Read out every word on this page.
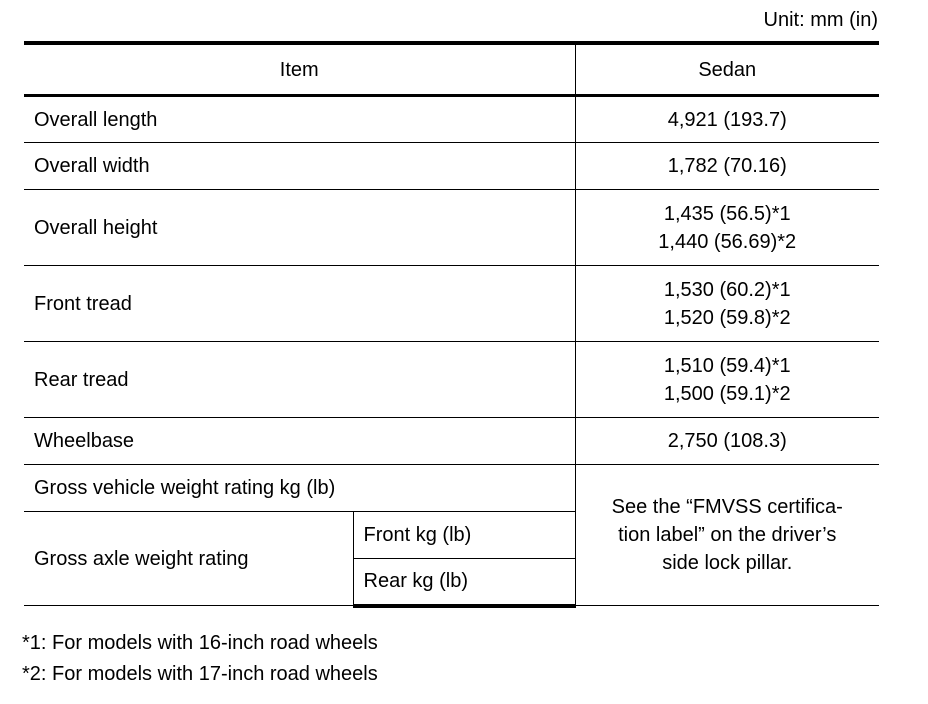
Unit: mm (in)
Item		Sedan
Overall length		4,921 (193.7)
Overall width		1,782 (70.16)
Overall height		1,435 (56.5)*1
1,440 (56.69)*2

Front tread		1,530 (60.2)*1
1,520 (59.8)*2

Rear tread		1,510 (59.4)*1
1,500 (59.1)*2

Wheelbase		2,750 (108.3)
Gross vehicle weight rating kg (lb)		See the “FMVSS certifica-
tion label” on the driver’s
side lock pillar.

Gross axle weight rating	Front kg (lb)	
	Rear kg (lb)	
*1: For models with 16-inch road wheels
*2: For models with 17-inch road wheels
